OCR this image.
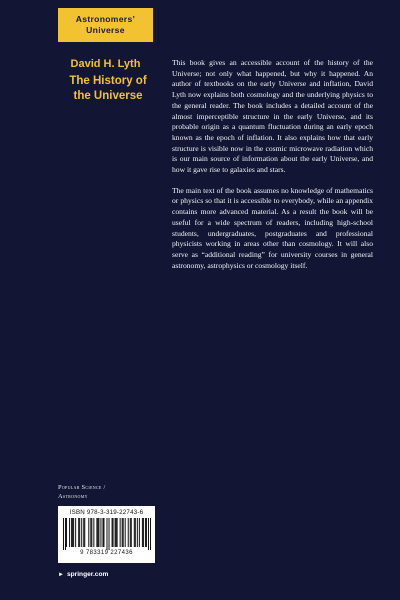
Astronomers’
Universe
David H. Lyth
The History of
the Universe

This book gives an accessible account of the history of the Universe; not only what happened, but why it happened. An author of textbooks on the early Universe and inflation, David Lyth now explains both cosmology and the underlying physics to the general reader. The book includes a detailed account of the almost imperceptible structure in the early Universe, and its probable origin as a quantum fluctuation during an early epoch known as the epoch of inflation. It also explains how that early structure is visible now in the cosmic microwave radiation which is our main source of information about the early Universe, and how it gave rise to galaxies and stars.

The main text of the book assumes no knowledge of mathematics or physics so that it is accessible to everybody, while an appendix contains more advanced material. As a result the book will be useful for a wide spectrum of readers, including high-school students, undergraduates, postgraduates and professional physicists working in areas other than cosmology. It will also serve as “additional reading” for university courses in general astronomy, astrophysics or cosmology itself.

Popular Science /
Astronomy
ISBN 978-3-319-22743-6
9 783319 227436
► springer.com
